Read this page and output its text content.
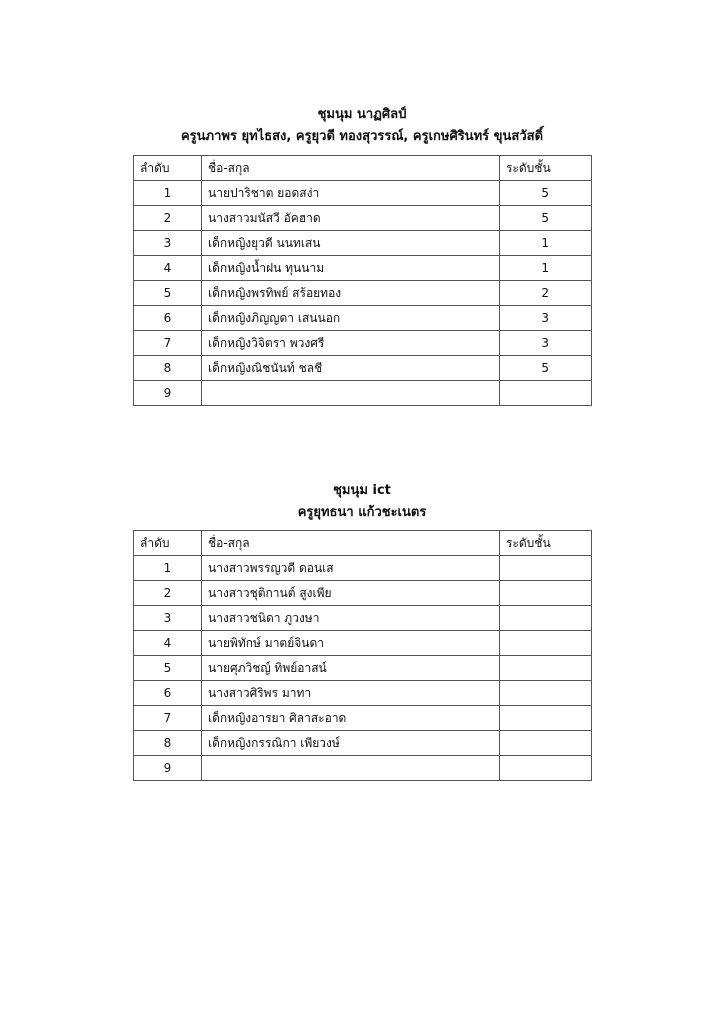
ชุมนุม นาฏศิลป์
ครูนภาพร ยุทไธสง, ครูยุวดี ทองสุวรรณ์, ครูเกษศิรินทร์ ขุนสวัสดิ์
ลำดับ	ชื่อ-สกุล	ระดับชั้น
1	นายปาริชาต ยอดสง่า	5
2	นางสาวมนัสวี อัคฮาด	5
3	เด็กหญิงยุวดี นนทเสน	1
4	เด็กหญิงน้ำฝน ทุนนาม	1
5	เด็กหญิงพรทิพย์ สร้อยทอง	2
6	เด็กหญิงภิญญดา เสนนอก	3
7	เด็กหญิงวิจิตรา พวงศรี	3
8	เด็กหญิงณิชนันท์ ชลชี	5
9		
ชุมนุม ict
ครูยุทธนา แก้วชะเนตร
ลำดับ	ชื่อ-สกุล	ระดับชั้น
1	นางสาวพรรญวดี ดอนเส	
2	นางสาวชุติกานต์ สูงเพีย	
3	นางสาวชนิดา ภูวงษา	
4	นายพิทักษ์ มาตย์จินดา	
5	นายศุภวิชญ์ ทิพย์อาสน์	
6	นางสาวศิริพร มาทา	
7	เด็กหญิงอารยา ศิลาสะอาด	
8	เด็กหญิงกรรณิกา เพียวงษ์	
9		
